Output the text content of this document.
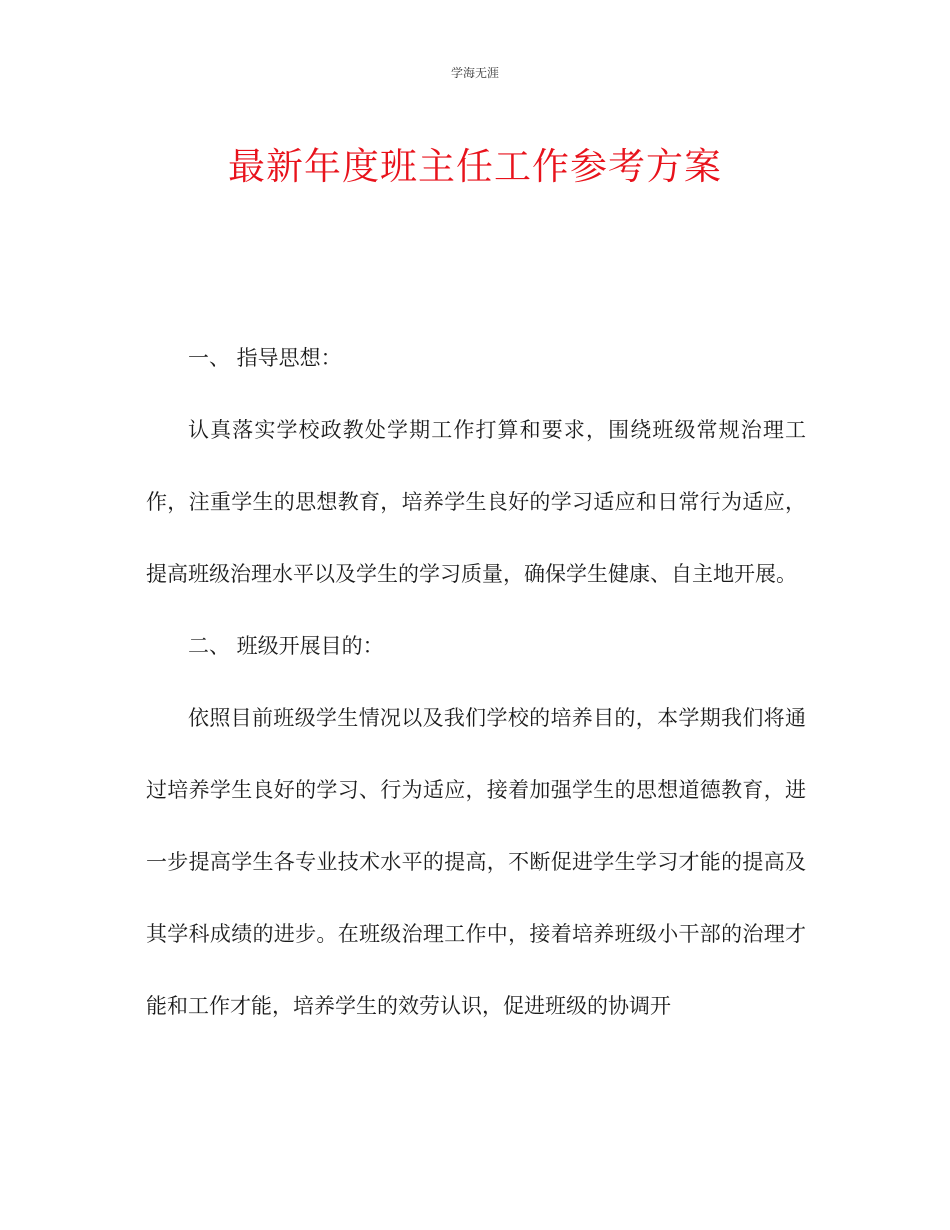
学海无涯
最新年度班主任工作参考方案

一、 指导思想：

认真落实学校政教处学期工作打算和要求，围绕班级常规治理工作，注重学生的思想教育，培养学生良好的学习适应和日常行为适应，提高班级治理水平以及学生的学习质量，确保学生健康、自主地开展。

二、 班级开展目的：

依照目前班级学生情况以及我们学校的培养目的，本学期我们将通过培养学生良好的学习、行为适应，接着加强学生的思想道德教育，进一步提高学生各专业技术水平的提高，不断促进学生学习才能的提高及其学科成绩的进步。在班级治理工作中，接着培养班级小干部的治理才能和工作才能，培养学生的效劳认识，促进班级的协调开
